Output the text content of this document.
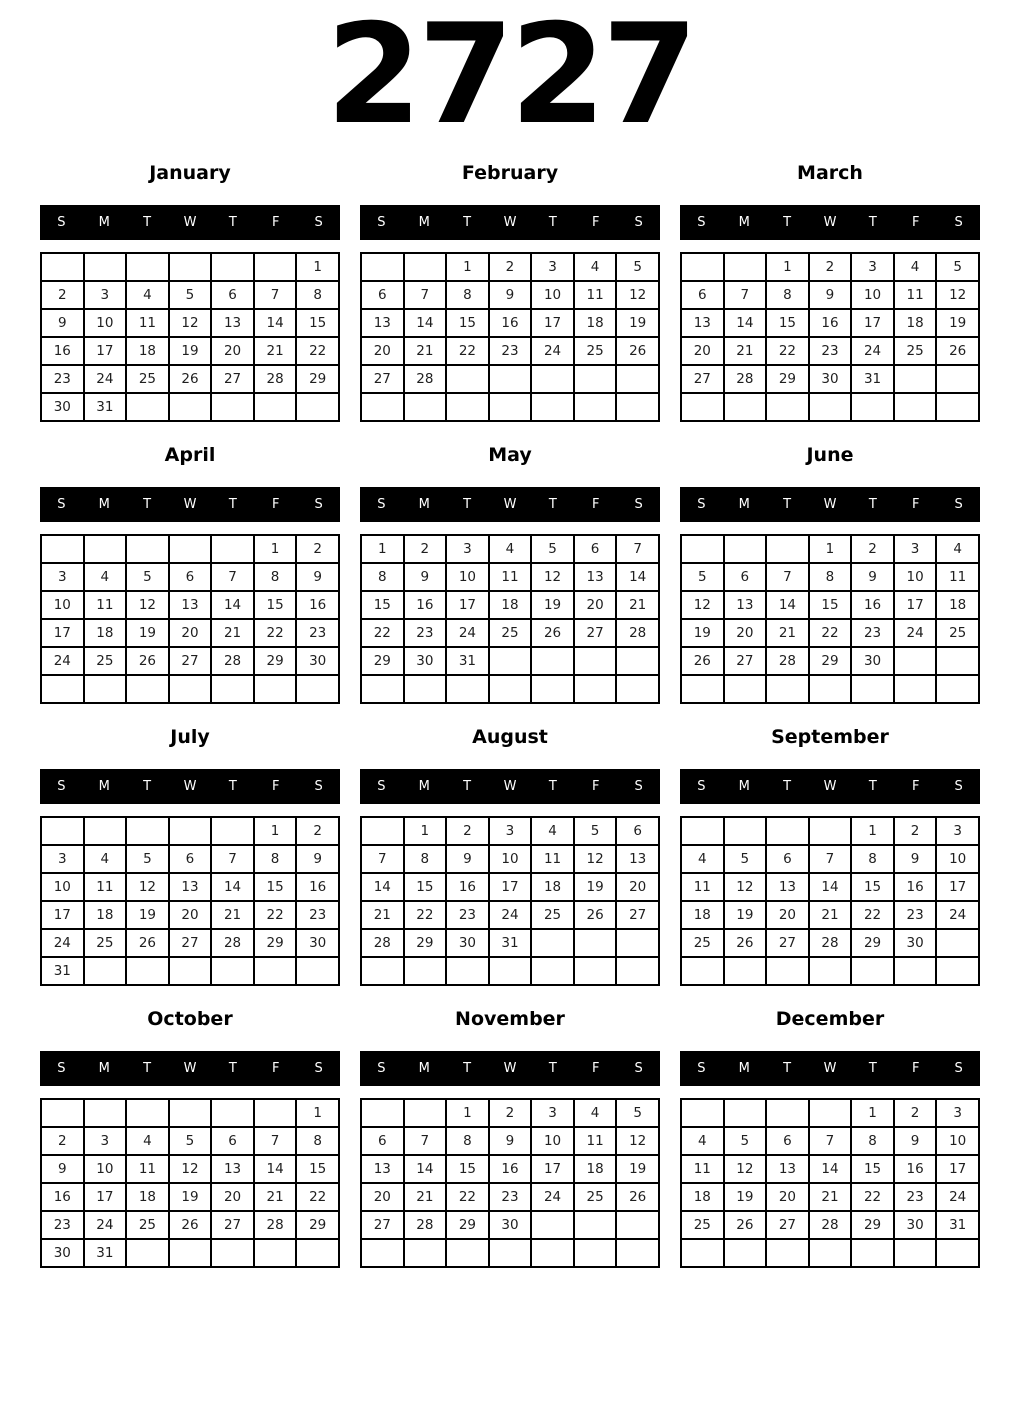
2727
January
S	M	T	W	T	F	S
						1
2	3	4	5	6	7	8
9	10	11	12	13	14	15
16	17	18	19	20	21	22
23	24	25	26	27	28	29
30	31					
February
S	M	T	W	T	F	S
		1	2	3	4	5
6	7	8	9	10	11	12
13	14	15	16	17	18	19
20	21	22	23	24	25	26
27	28					

March
S	M	T	W	T	F	S
		1	2	3	4	5
6	7	8	9	10	11	12
13	14	15	16	17	18	19
20	21	22	23	24	25	26
27	28	29	30	31		

April
S	M	T	W	T	F	S
					1	2
3	4	5	6	7	8	9
10	11	12	13	14	15	16
17	18	19	20	21	22	23
24	25	26	27	28	29	30

May
S	M	T	W	T	F	S
1	2	3	4	5	6	7
8	9	10	11	12	13	14
15	16	17	18	19	20	21
22	23	24	25	26	27	28
29	30	31				

June
S	M	T	W	T	F	S
			1	2	3	4
5	6	7	8	9	10	11
12	13	14	15	16	17	18
19	20	21	22	23	24	25
26	27	28	29	30		

July
S	M	T	W	T	F	S
					1	2
3	4	5	6	7	8	9
10	11	12	13	14	15	16
17	18	19	20	21	22	23
24	25	26	27	28	29	30
31						
August
S	M	T	W	T	F	S
	1	2	3	4	5	6
7	8	9	10	11	12	13
14	15	16	17	18	19	20
21	22	23	24	25	26	27
28	29	30	31			

September
S	M	T	W	T	F	S
				1	2	3
4	5	6	7	8	9	10
11	12	13	14	15	16	17
18	19	20	21	22	23	24
25	26	27	28	29	30	

October
S	M	T	W	T	F	S
						1
2	3	4	5	6	7	8
9	10	11	12	13	14	15
16	17	18	19	20	21	22
23	24	25	26	27	28	29
30	31					
November
S	M	T	W	T	F	S
		1	2	3	4	5
6	7	8	9	10	11	12
13	14	15	16	17	18	19
20	21	22	23	24	25	26
27	28	29	30			

December
S	M	T	W	T	F	S
				1	2	3
4	5	6	7	8	9	10
11	12	13	14	15	16	17
18	19	20	21	22	23	24
25	26	27	28	29	30	31
